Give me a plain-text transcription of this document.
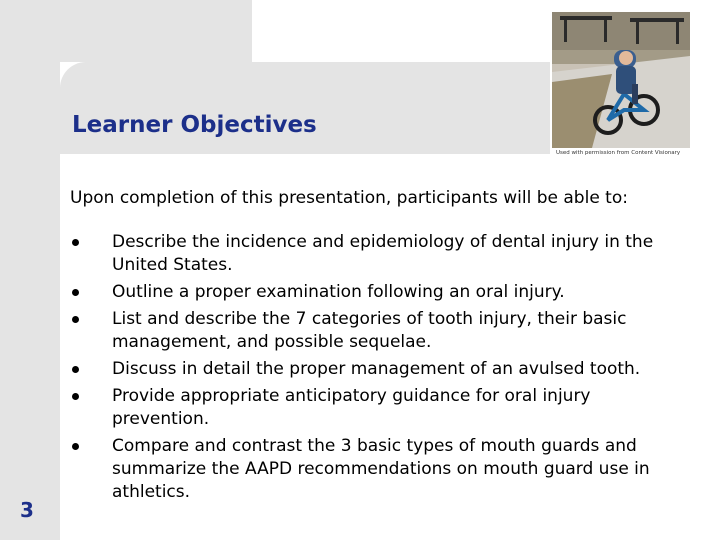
Learner Objectives
Used with permission from Content Visionary

Upon completion of this presentation, participants will be able to:

Describe the incidence and epidemiology of dental injury in the United States.
Outline a proper examination following an oral injury.
List and describe the 7 categories of tooth injury, their basic management, and possible sequelae.
Discuss in detail the proper management of an avulsed tooth.
Provide appropriate anticipatory guidance for oral injury prevention.
Compare and contrast the 3 basic types of mouth guards and summarize the AAPD recommendations on mouth guard use in athletics.
3
